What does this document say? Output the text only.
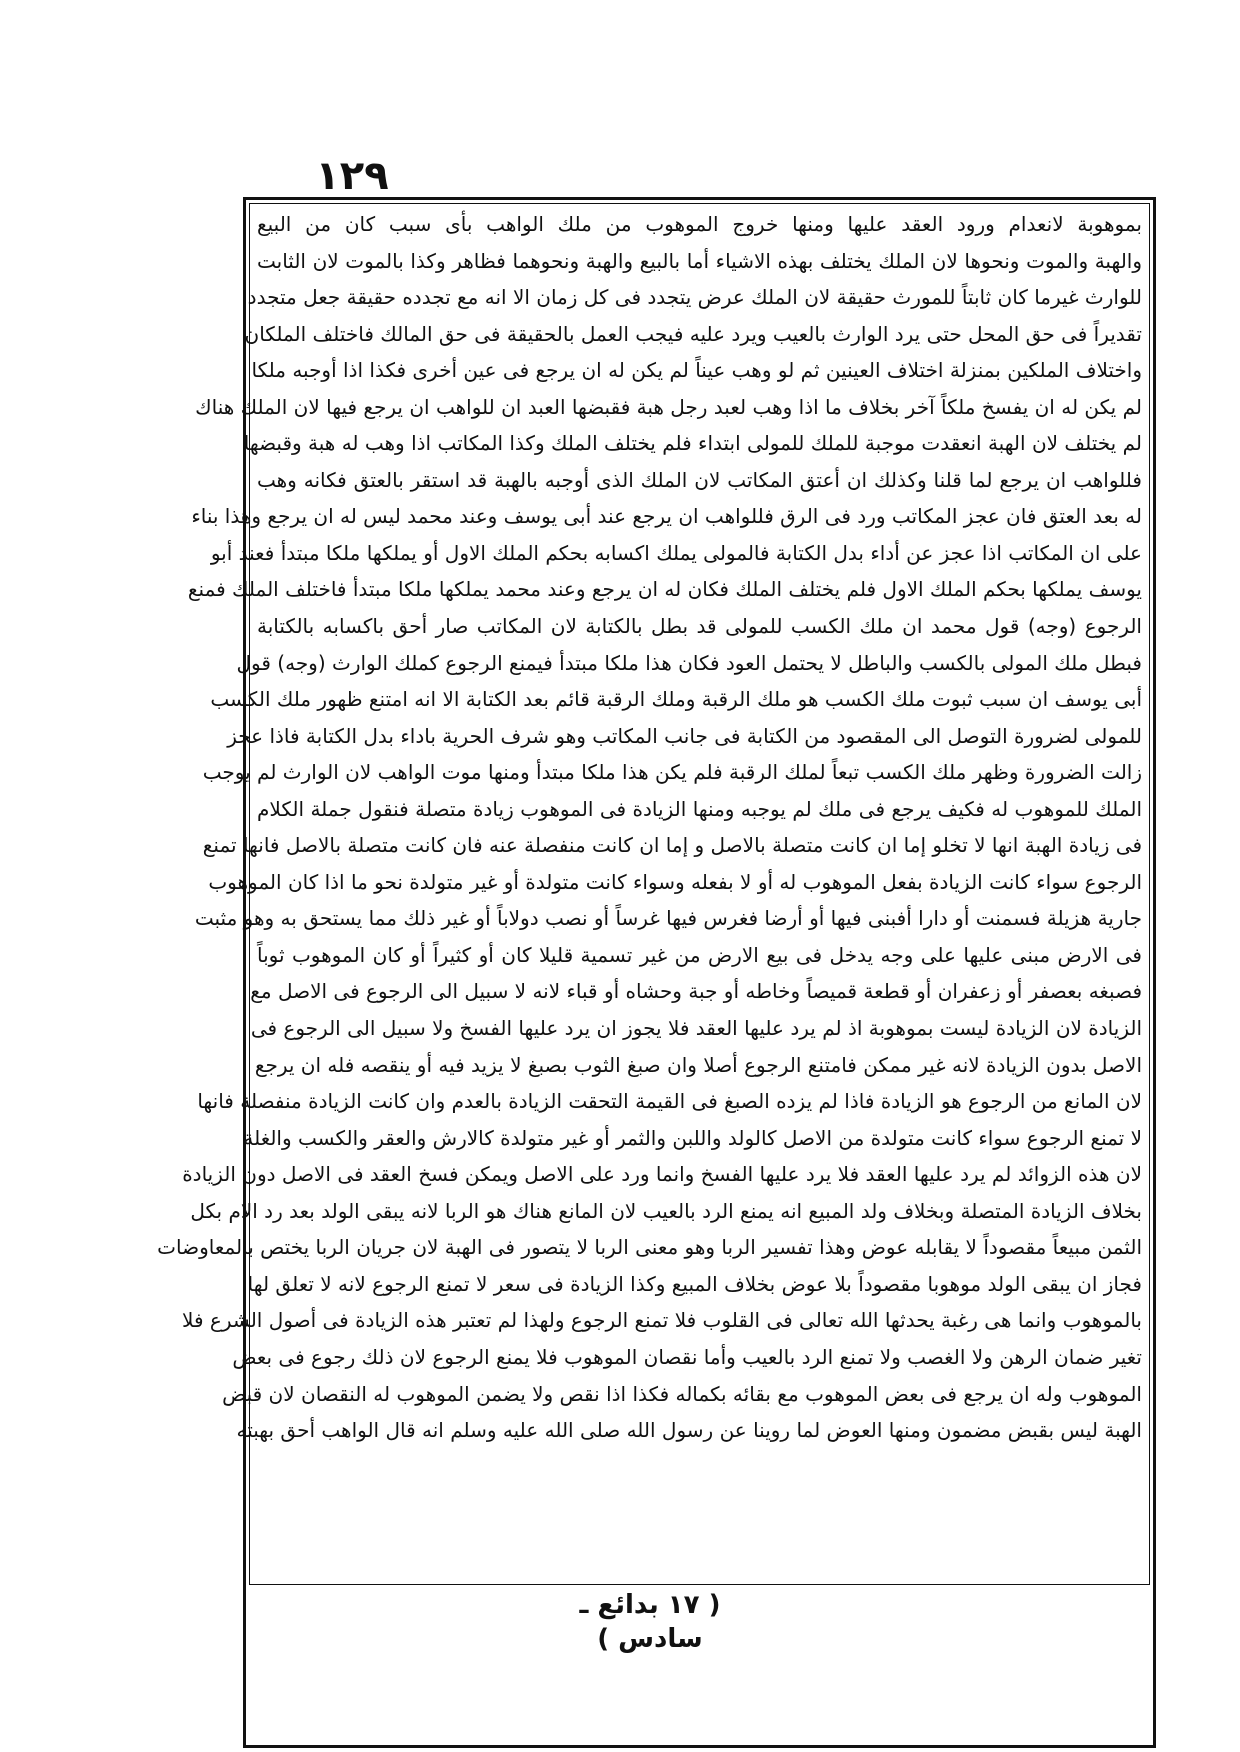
١٢٩
بموهوبة لانعدام ورود العقد عليها ومنها خروج الموهوب من ملك الواهب بأى سبب كان من البيع
والهبة والموت ونحوها لان الملك يختلف بهذه الاشياء أما بالبيع والهبة ونحوهما فظاهر وكذا بالموت لان الثابت
للوارث غيرما كان ثابتاً للمورث حقيقة لان الملك عرض يتجدد فى كل زمان الا انه مع تجدده حقيقة جعل متجددا
تقديراً فى حق المحل حتى يرد الوارث بالعيب ويرد عليه فيجب العمل بالحقيقة فى حق المالك فاختلف الملكان
واختلاف الملكين بمنزلة اختلاف العينين ثم لو وهب عيناً لم يكن له ان يرجع فى عين أخرى فكذا اذا أوجبه ملكا
لم يكن له ان يفسخ ملكاً آخر بخلاف ما اذا وهب لعبد رجل هبة فقبضها العبد ان للواهب ان يرجع فيها لان الملك هناك
لم يختلف لان الهبة انعقدت موجبة للملك للمولى ابتداء فلم يختلف الملك وكذا المكاتب اذا وهب له هبة وقبضها
فللواهب ان يرجع لما قلنا وكذلك ان أعتق المكاتب لان الملك الذى أوجبه بالهبة قد استقر بالعتق فكانه وهب
له بعد العتق فان عجز المكاتب ورد فى الرق فللواهب ان يرجع عند أبى يوسف وعند محمد ليس له ان يرجع وهذا بناء
على ان المكاتب اذا عجز عن أداء بدل الكتابة فالمولى يملك اكسابه بحكم الملك الاول أو يملكها ملكا مبتدأ فعند أبو
يوسف يملكها بحكم الملك الاول فلم يختلف الملك فكان له ان يرجع وعند محمد يملكها ملكا مبتدأ فاختلف الملك فمنع
الرجوع (وجه) قول محمد ان ملك الكسب للمولى قد بطل بالكتابة لان المكاتب صار أحق باكسابه بالكتابة
فبطل ملك المولى بالكسب والباطل لا يحتمل العود فكان هذا ملكا مبتدأ فيمنع الرجوع كملك الوارث (وجه) قول
أبى يوسف ان سبب ثبوت ملك الكسب هو ملك الرقبة وملك الرقبة قائم بعد الكتابة الا انه امتنع ظهور ملك الكسب
للمولى لضرورة التوصل الى المقصود من الكتابة فى جانب المكاتب وهو شرف الحرية باداء بدل الكتابة فاذا عجز
زالت الضرورة وظهر ملك الكسب تبعاً لملك الرقبة فلم يكن هذا ملكا مبتدأ ومنها موت الواهب لان الوارث لم يوجب
الملك للموهوب له فكيف يرجع فى ملك لم يوجبه ومنها الزيادة فى الموهوب زيادة متصلة فنقول جملة الكلام
فى زيادة الهبة انها لا تخلو إما ان كانت متصلة بالاصل و إما ان كانت منفصلة عنه فان كانت متصلة بالاصل فانها تمنع
الرجوع سواء كانت الزيادة بفعل الموهوب له أو لا بفعله وسواء كانت متولدة أو غير متولدة نحو ما اذا كان الموهوب
جارية هزيلة فسمنت أو دارا أفبنى فيها أو أرضا فغرس فيها غرساً أو نصب دولاباً أو غير ذلك مما يستحق به وهو مثبت
فى الارض مبنى عليها على وجه يدخل فى بيع الارض من غير تسمية قليلا كان أو كثيراً أو كان الموهوب ثوباً
فصبغه بعصفر أو زعفران أو قطعة قميصاً وخاطه أو جبة وحشاه أو قباء لانه لا سبيل الى الرجوع فى الاصل مع
الزيادة لان الزيادة ليست بموهوبة اذ لم يرد عليها العقد فلا يجوز ان يرد عليها الفسخ ولا سبيل الى الرجوع فى
الاصل بدون الزيادة لانه غير ممكن فامتنع الرجوع أصلا وان صبغ الثوب بصبغ لا يزيد فيه أو ينقصه فله ان يرجع
لان المانع من الرجوع هو الزيادة فاذا لم يزده الصبغ فى القيمة التحقت الزيادة بالعدم وان كانت الزيادة منفصلة فانها
لا تمنع الرجوع سواء كانت متولدة من الاصل كالولد واللبن والثمر أو غير متولدة كالارش والعقر والكسب والغلة
لان هذه الزوائد لم يرد عليها العقد فلا يرد عليها الفسخ وانما ورد على الاصل ويمكن فسخ العقد فى الاصل دون الزيادة
بخلاف الزيادة المتصلة وبخلاف ولد المبيع انه يمنع الرد بالعيب لان المانع هناك هو الربا لانه يبقى الولد بعد رد الام بكل
الثمن مبيعاً مقصوداً لا يقابله عوض وهذا تفسير الربا وهو معنى الربا لا يتصور فى الهبة لان جريان الربا يختص بالمعاوضات
فجاز ان يبقى الولد موهوبا مقصوداً بلا عوض بخلاف المبيع وكذا الزيادة فى سعر لا تمنع الرجوع لانه لا تعلق لها
بالموهوب وانما هى رغبة يحدثها الله تعالى فى القلوب فلا تمنع الرجوع ولهذا لم تعتبر هذه الزيادة فى أصول الشرع فلا
تغير ضمان الرهن ولا الغصب ولا تمنع الرد بالعيب وأما نقصان الموهوب فلا يمنع الرجوع لان ذلك رجوع فى بعض
الموهوب وله ان يرجع فى بعض الموهوب مع بقائه بكماله فكذا اذا نقص ولا يضمن الموهوب له النقصان لان قبض
الهبة ليس بقبض مضمون ومنها العوض لما روينا عن رسول الله صلى الله عليه وسلم انه قال الواهب أحق بهبته
( ١٧ بدائع ـ سادس )
